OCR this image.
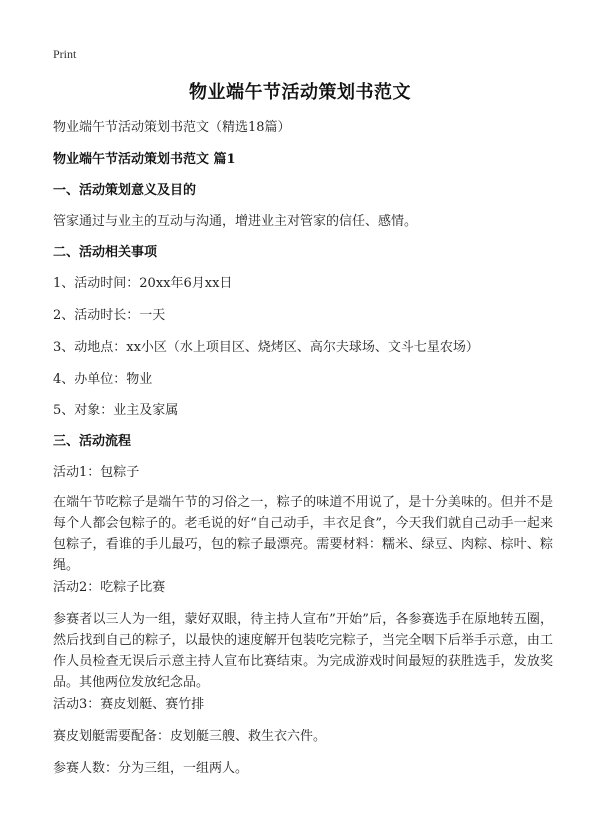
Print
物业端午节活动策划书范文
物业端午节活动策划书范文（精选18篇）
物业端午节活动策划书范文 篇1
一、活动策划意义及目的
管家通过与业主的互动与沟通，增进业主对管家的信任、感情。
二、活动相关事项
1、活动时间：20xx年6月xx日
2、活动时长：一天
3、动地点：xx小区（水上项目区、烧烤区、高尔夫球场、文斗七星农场）
4、办单位：物业
5、对象：业主及家属
三、活动流程
活动1：包粽子
在端午节吃粽子是端午节的习俗之一，粽子的味道不用说了，是十分美味的。但并不是每个人都会包粽子的。老毛说的好“自己动手，丰衣足食”，今天我们就自己动手一起来包粽子，看谁的手儿最巧，包的粽子最漂亮。需要材料：糯米、绿豆、肉粽、棕叶、粽绳。
活动2：吃粽子比赛
参赛者以三人为一组，蒙好双眼，待主持人宣布”开始”后，各参赛选手在原地转五圈，然后找到自己的粽子，以最快的速度解开包装吃完粽子，当完全咽下后举手示意，由工作人员检查无误后示意主持人宣布比赛结束。为完成游戏时间最短的获胜选手，发放奖品。其他两位发放纪念品。
活动3：赛皮划艇、赛竹排
赛皮划艇需要配备：皮划艇三艘、救生衣六件。
参赛人数：分为三组，一组两人。
